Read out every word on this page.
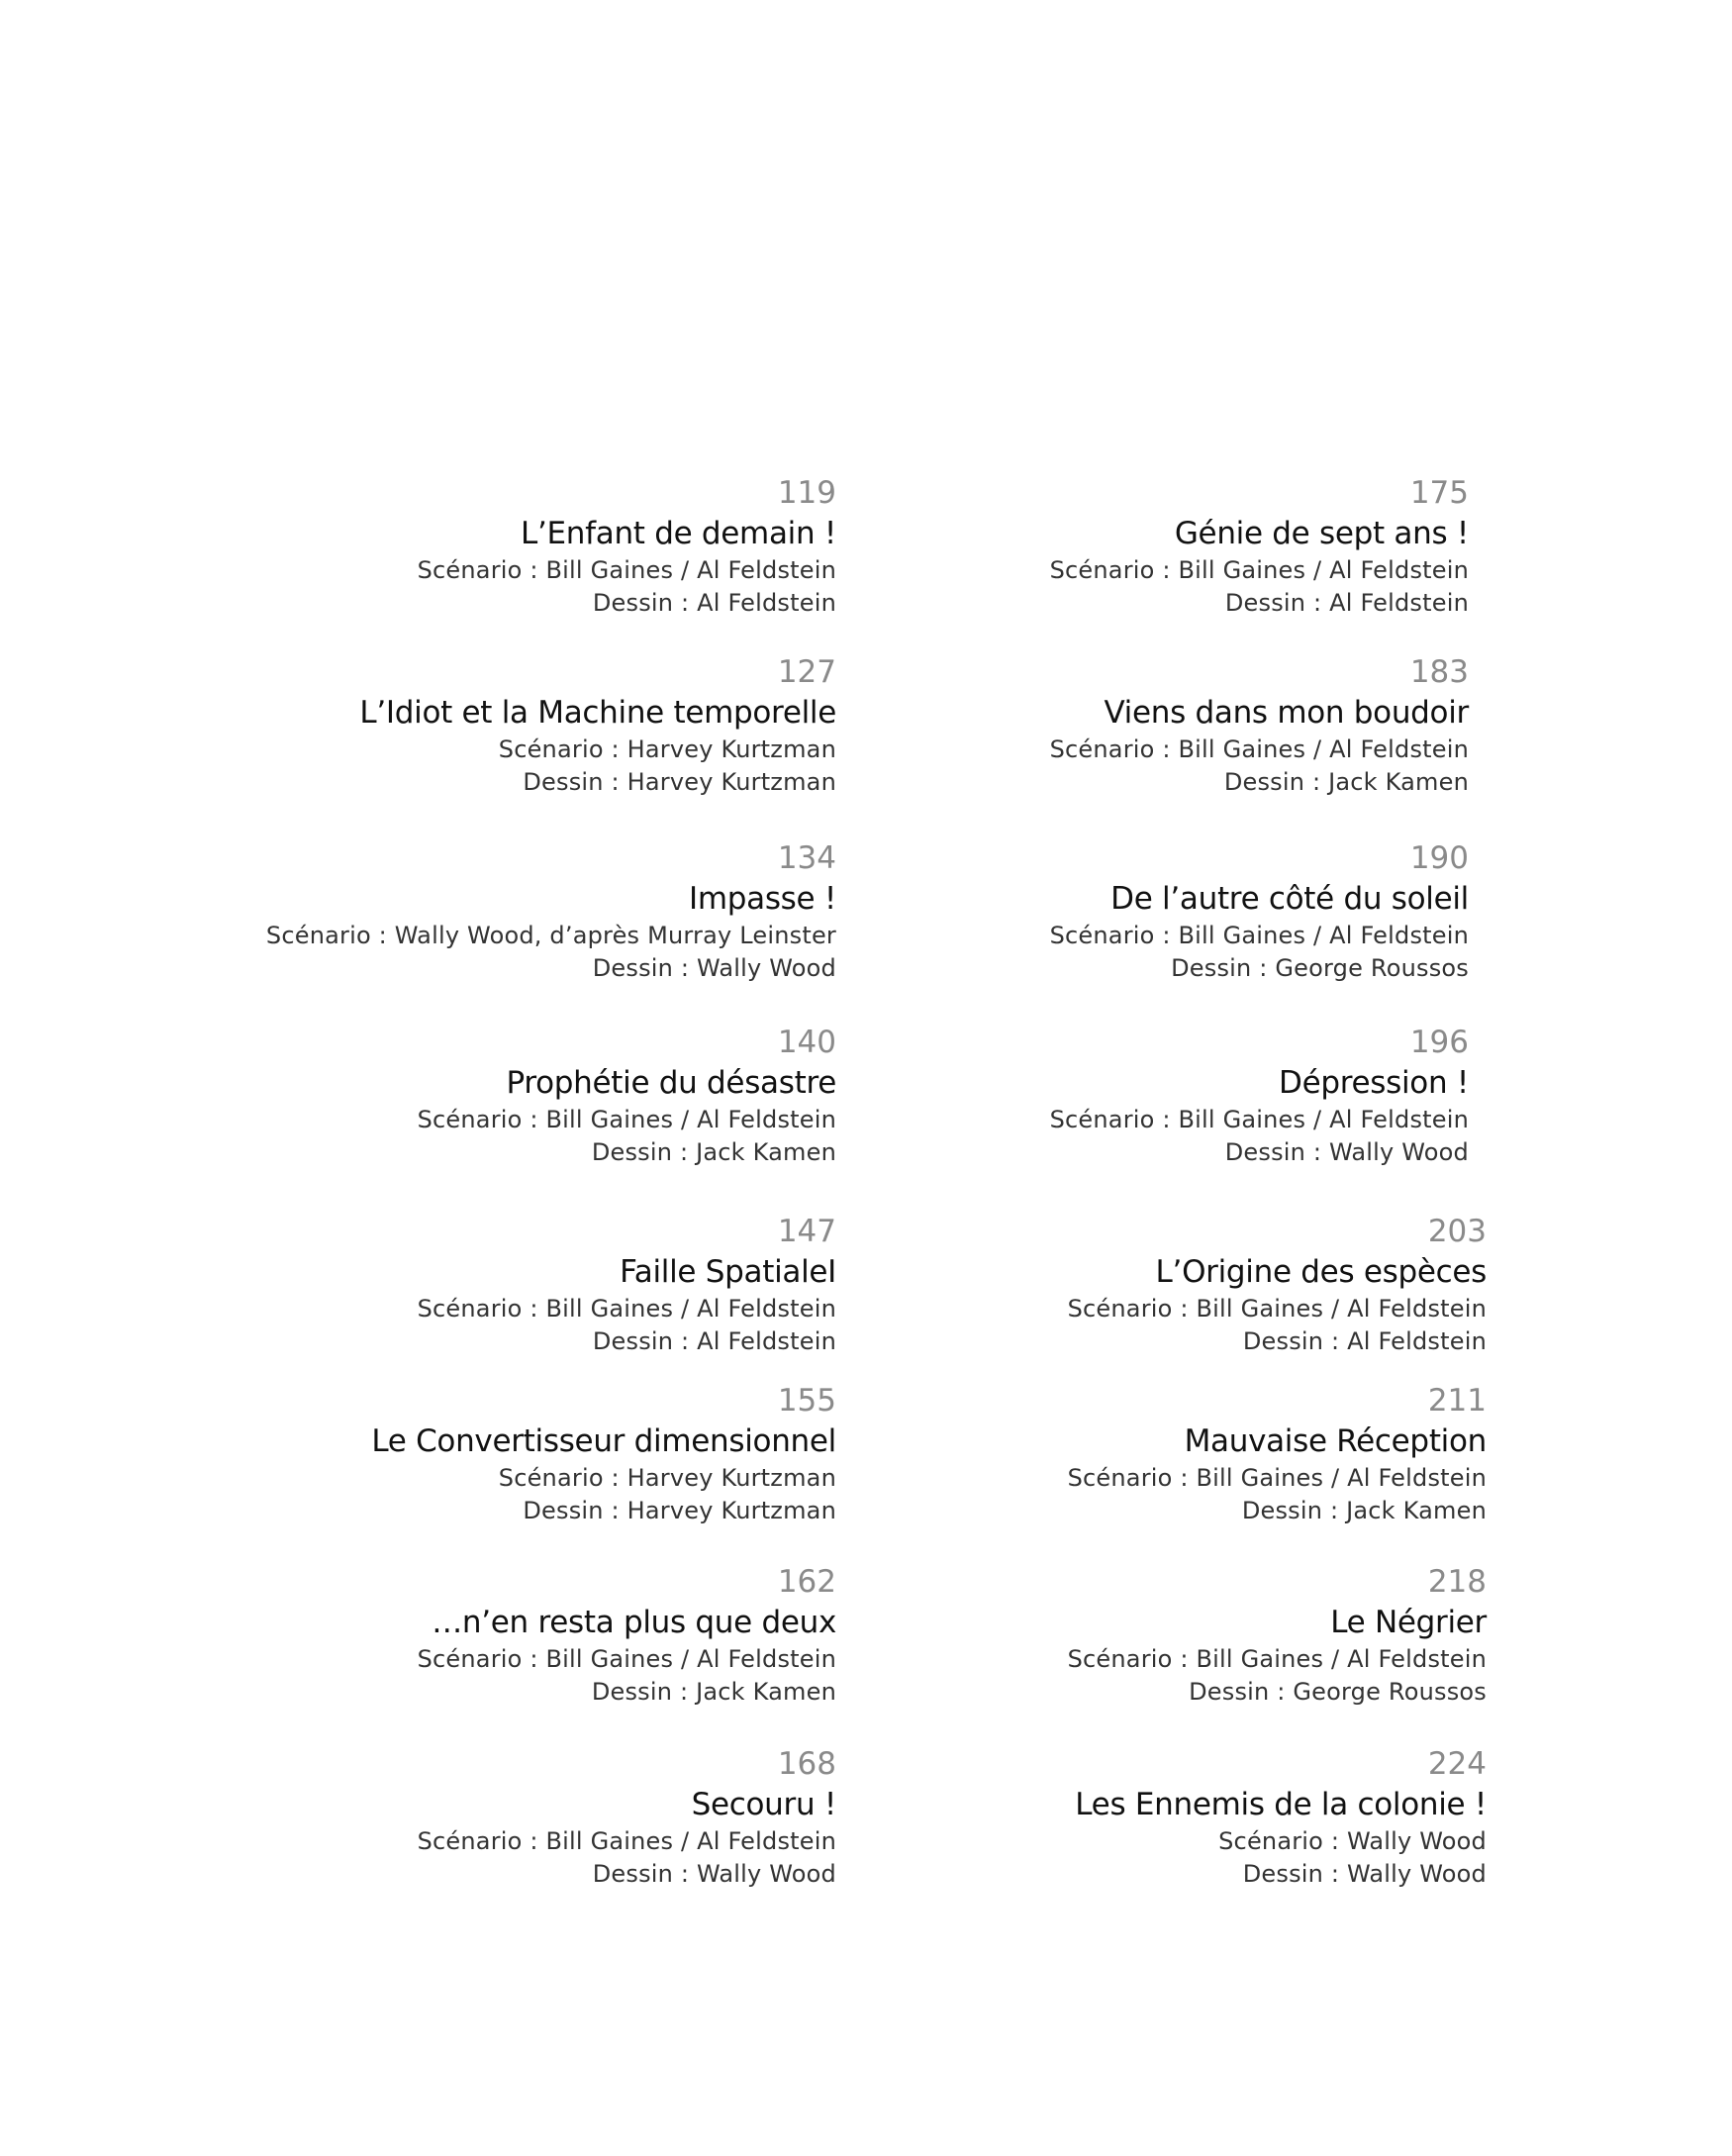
119
L’Enfant de demain !
Scénario : Bill Gaines / Al Feldstein
Dessin : Al Feldstein
127
L’Idiot et la Machine temporelle
Scénario : Harvey Kurtzman
Dessin : Harvey Kurtzman
134
Impasse !
Scénario : Wally Wood, d’après Murray Leinster
Dessin : Wally Wood
140
Prophétie du désastre
Scénario : Bill Gaines / Al Feldstein
Dessin : Jack Kamen
147
Faille SpatialeI
Scénario : Bill Gaines / Al Feldstein
Dessin : Al Feldstein
155
Le Convertisseur dimensionnel
Scénario : Harvey Kurtzman
Dessin : Harvey Kurtzman
162
…n’en resta plus que deux
Scénario : Bill Gaines / Al Feldstein
Dessin : Jack Kamen
168
Secouru !
Scénario : Bill Gaines / Al Feldstein
Dessin : Wally Wood
175
Génie de sept ans !
Scénario : Bill Gaines / Al Feldstein
Dessin : Al Feldstein
183
Viens dans mon boudoir
Scénario : Bill Gaines / Al Feldstein
Dessin : Jack Kamen
190
De l’autre côté du soleil
Scénario : Bill Gaines / Al Feldstein
Dessin : George Roussos
196
Dépression !
Scénario : Bill Gaines / Al Feldstein
Dessin : Wally Wood
203
L’Origine des espèces
Scénario : Bill Gaines / Al Feldstein
Dessin : Al Feldstein
211
Mauvaise Réception
Scénario : Bill Gaines / Al Feldstein
Dessin : Jack Kamen
218
Le Négrier
Scénario : Bill Gaines / Al Feldstein
Dessin : George Roussos
224
Les Ennemis de la colonie !
Scénario : Wally Wood
Dessin : Wally Wood
